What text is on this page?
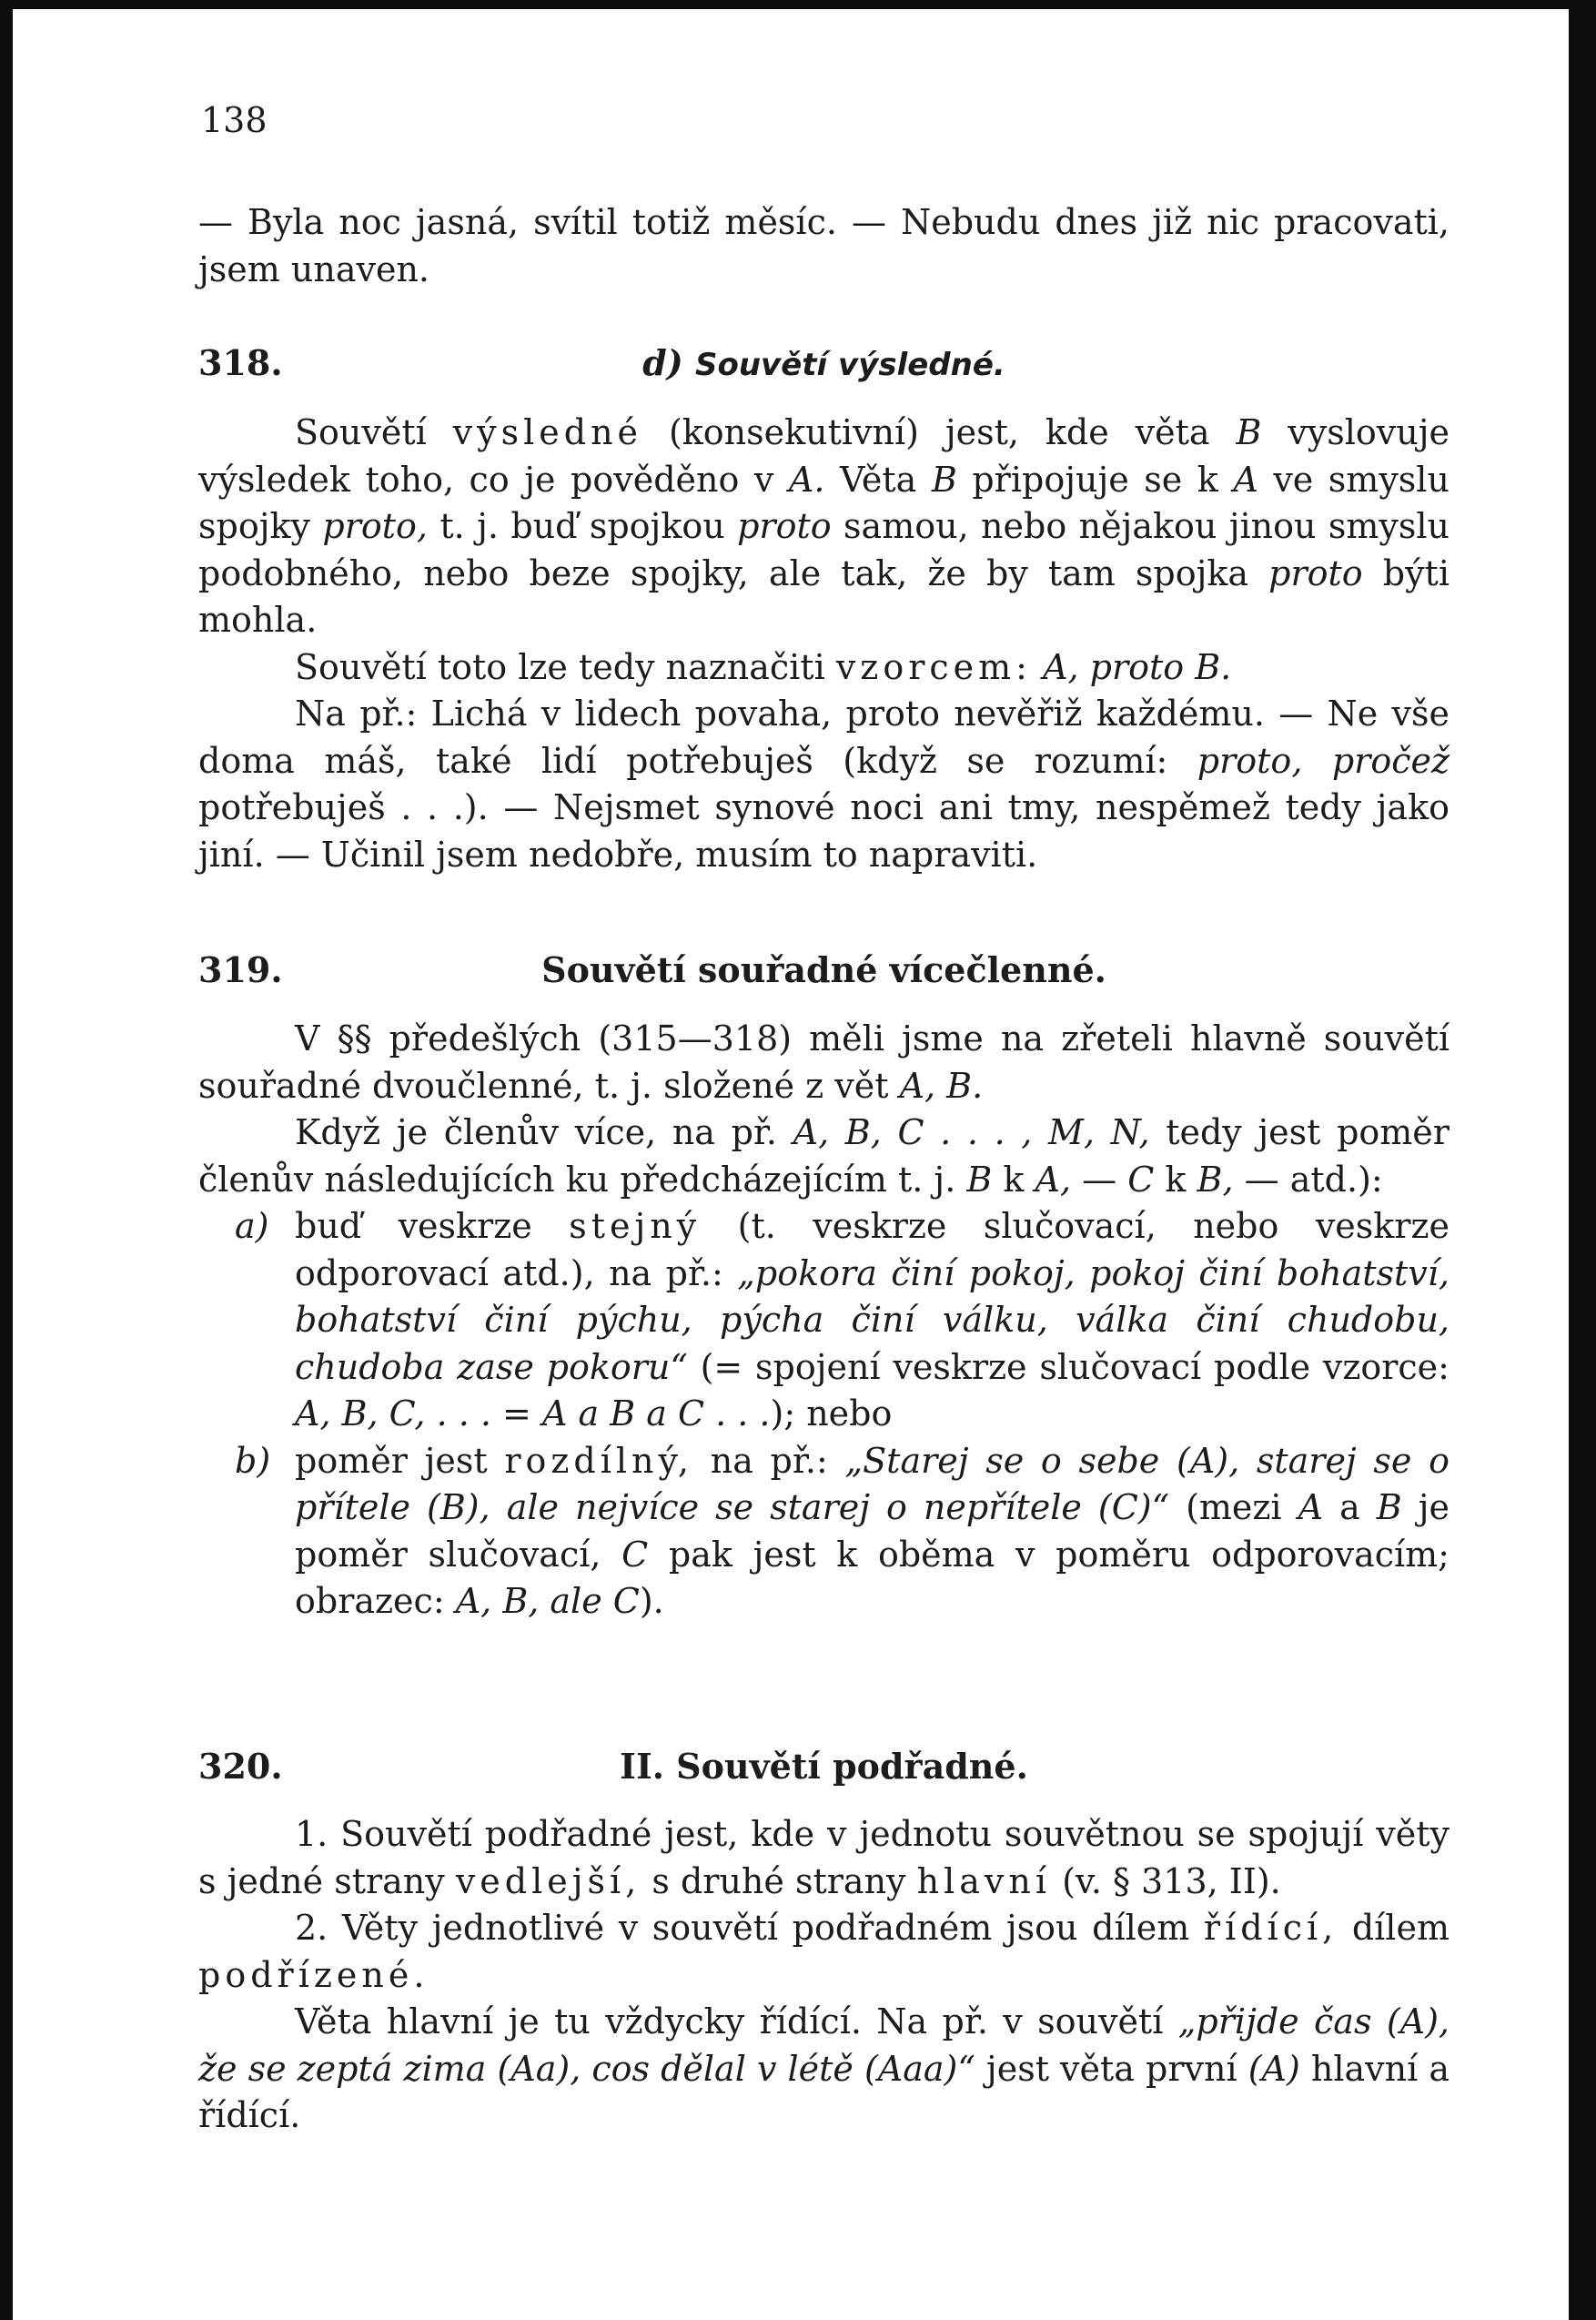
138

— Byla noc jasná, svítil totiž měsíc. — Nebudu dnes již nic pracovati, jsem unaven.

318.	d) Souvětí výsledné.

Souvětí výsledné (konsekutivní) jest, kde věta B vyslovuje výsledek toho, co je pověděno v A. Věta B připojuje se k A ve smyslu spojky proto, t. j. buď spojkou proto samou, nebo nějakou jinou smyslu podobného, nebo beze spojky, ale tak, že by tam spojka proto býti mohla.

Souvětí toto lze tedy naznačiti vzorcem: A, proto B.

Na př.: Lichá v lidech povaha, proto nevěřiž každému. — Ne vše doma máš, také lidí potřebuješ (když se rozumí: proto, pročež potřebuješ . . .). — Nejsmet synové noci ani tmy, nespěmež tedy jako jiní. — Učinil jsem nedobře, musím to napraviti.

319.	Souvětí souřadné vícečlenné.

V §§ předešlých (315—318) měli jsme na zřeteli hlavně souvětí souřadné dvoučlenné, t. j. složené z vět A, B.

Když je členův více, na př. A, B, C . . . , M, N, tedy jest poměr členův následujících ku předcházejícím t. j. B k A, — C k B, — atd.):

a) buď veskrze stejný (t. veskrze slučovací, nebo veskrze odporovací atd.), na př.: „pokora činí pokoj, pokoj činí bohatství, bohatství činí pýchu, pýcha činí válku, válka činí chudobu, chudoba zase pokoru“ (= spojení veskrze slučovací podle vzorce: A, B, C, . . . = A a B a C . . .); nebo

b) poměr jest rozdílný, na př.: „Starej se o sebe (A), starej se o přítele (B), ale nejvíce se starej o nepřítele (C)“ (mezi A a B je poměr slučovací, C pak jest k oběma v poměru odporovacím; obrazec: A, B, ale C).

320.	II. Souvětí podřadné.

1. Souvětí podřadné jest, kde v jednotu souvětnou se spojují věty s jedné strany vedlejší, s druhé strany hlavní (v. § 313, II).

2. Věty jednotlivé v souvětí podřadném jsou dílem řídící, dílem podřízené.

Věta hlavní je tu vždycky řídící. Na př. v souvětí „přijde čas (A), že se zeptá zima (Aa), cos dělal v létě (Aaa)“ jest věta první (A) hlavní a řídící.
